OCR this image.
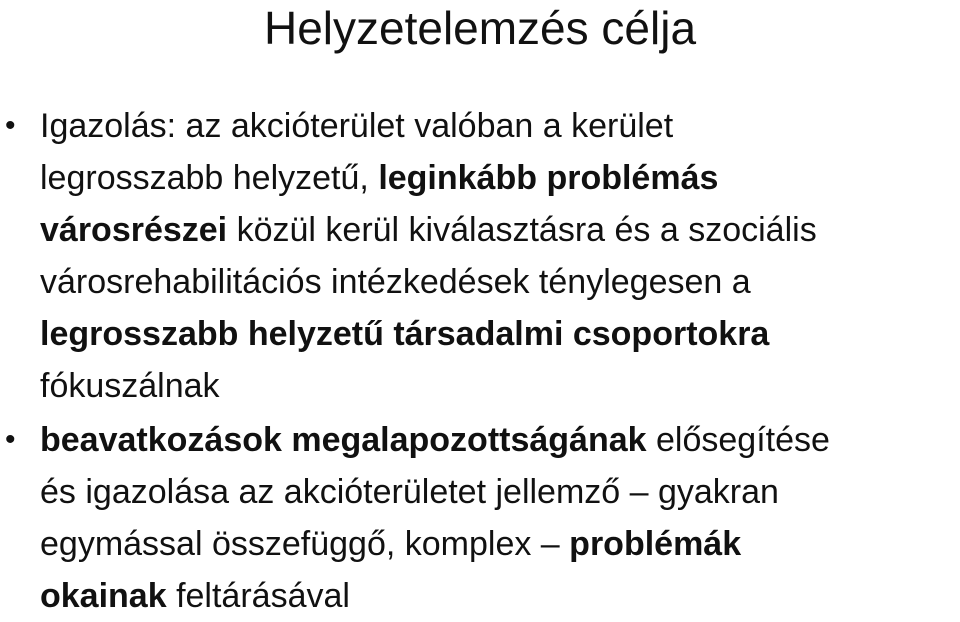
Helyzetelemzés célja
• Igazolás: az akcióterület valóban a kerület
legrosszabb helyzetű, leginkább problémás
városrészei közül kerül kiválasztásra és a szociális
városrehabilitációs intézkedések ténylegesen a
legrosszabb helyzetű társadalmi csoportokra
fókuszálnak
• beavatkozások megalapozottságának elősegítése
és igazolása az akcióterületet jellemző – gyakran
egymással összefüggő, komplex – problémák
okainak feltárásával
